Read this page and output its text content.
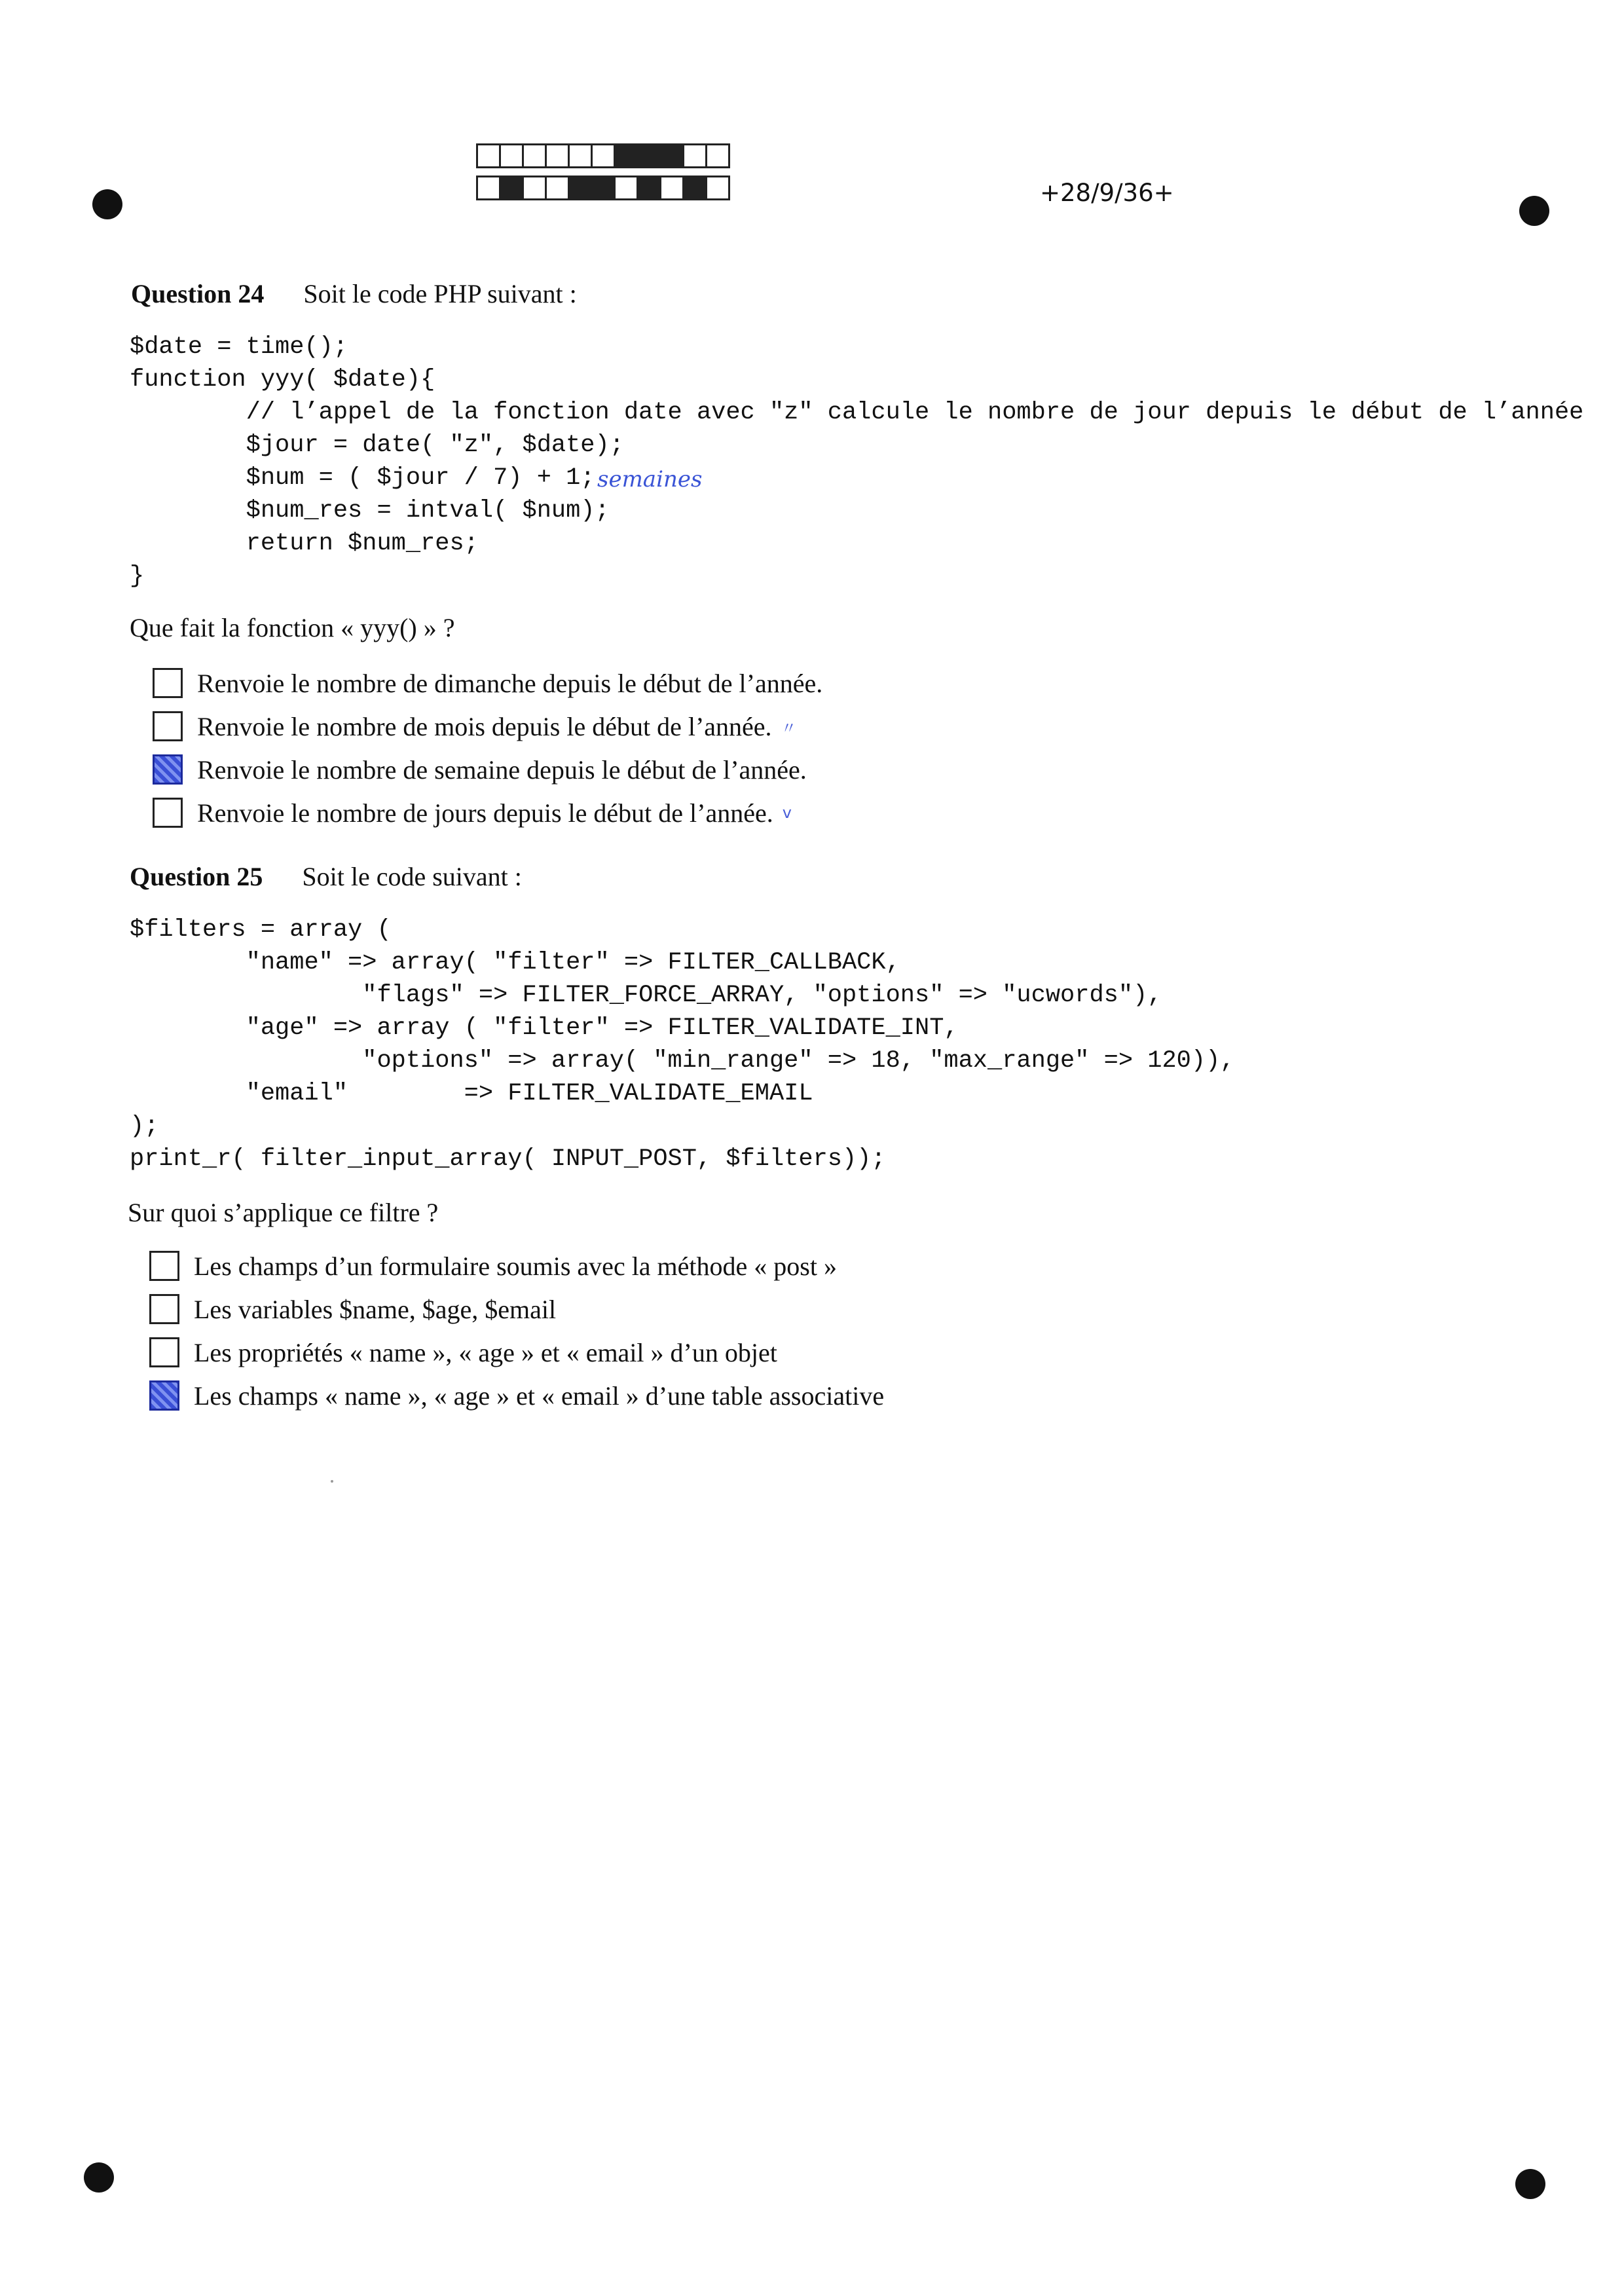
+28/9/36+
Question 24 Soit le code PHP suivant :
$date = time();
function yyy( $date){
// l’appel de la fonction date avec "z" calcule le nombre de jour depuis le début de l’année
$jour = date( "z", $date);
$num = ( $jour / 7) + 1;
$num_res = intval( $num);
return $num_res;
}
semaines
Que fait la fonction « yyy() » ?
Renvoie le nombre de dimanche depuis le début de l’année.
Renvoie le nombre de mois depuis le début de l’année. 〃
Renvoie le nombre de semaine depuis le début de l’année.
Renvoie le nombre de jours depuis le début de l’année. v
Question 25 Soit le code suivant :
$filters = array (
"name" => array( "filter" => FILTER_CALLBACK,
"flags" => FILTER_FORCE_ARRAY, "options" => "ucwords"),
"age" => array ( "filter" => FILTER_VALIDATE_INT,
"options" => array( "min_range" => 18, "max_range" => 120)),
"email"        => FILTER_VALIDATE_EMAIL
);
print_r( filter_input_array( INPUT_POST, $filters));
Sur quoi s’applique ce filtre ?
Les champs d’un formulaire soumis avec la méthode « post »
Les variables $name, $age, $email
Les propriétés « name », « age » et « email » d’un objet
Les champs « name », « age » et « email » d’une table associative
